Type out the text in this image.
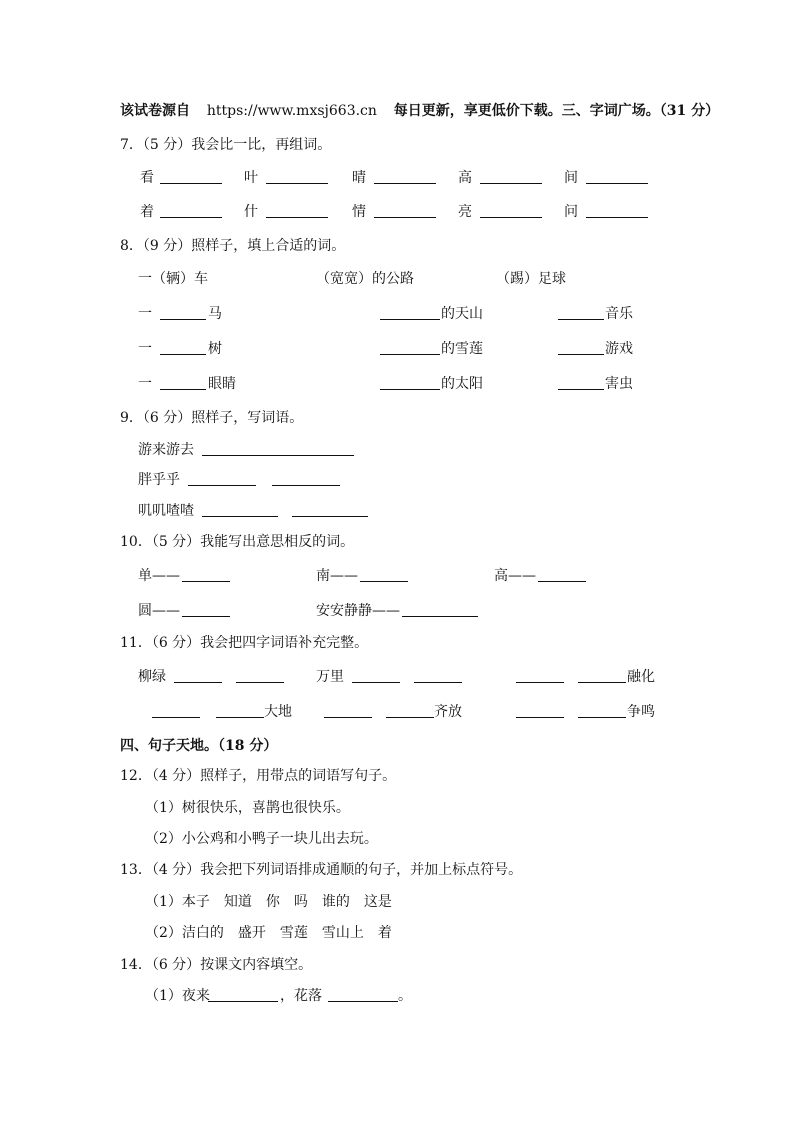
该试卷源自 https://www.mxsj663.cn 每日更新，享更低价下载。三、字词广场。（31 分）
7．（5 分）我会比一比，再组词。
看	叶	晴	高	间
着	什	情	亮	问
8．（9 分）照样子，填上合适的词。
一（辆）车	（宽宽）的公路	（踢）足球
一	马	的天山	音乐
一	树	的雪莲	游戏
一	眼睛	的太阳	害虫
9．（6 分）照样子，写词语。
游来游去
胖乎乎
叽叽喳喳
10．（5 分）我能写出意思相反的词。
单——	南——	高——
圆——	安安静静——
11．（6 分）我会把四字词语补充完整。
柳绿	万里	融化
大地	齐放	争鸣
四、句子天地。（18 分）
12．（4 分）照样子，用带点的词语写句子。
（1）树很快乐，喜鹊也很快乐。
（2）小公鸡和小鸭子一块儿出去玩。
13．（4 分）我会把下列词语排成通顺的句子，并加上标点符号。
（1）本子　知道　你　吗　谁的　这是
（2）洁白的　盛开　雪莲　雪山上　着
14．（6 分）按课文内容填空。
（1）夜来	，花落	。
